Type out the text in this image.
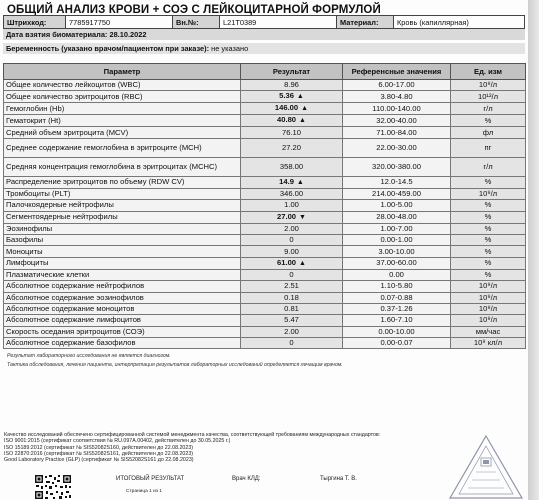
ОБЩИЙ АНАЛИЗ КРОВИ + СОЭ С ЛЕЙКОЦИТАРНОЙ ФОРМУЛОЙ
Штрихкод:	7785917750	Вн.№:	L21T0389	Материал:	Кровь (капиллярная)
Дата взятия биоматериала: 28.10.2022
Беременность (указано врачом/пациентом при заказе): не указано
Параметр	Результат	Референсные значения	Ед. изм
Общее количество лейкоцитов (WBC)	8.96	6.00-17.00	10⁹/л
Общее количество эритроцитов (RBC)	5.36 ▲	3.80-4.80	10¹²/л
Гемоглобин (Hb)	146.00 ▲	110.00-140.00	г/л
Гематокрит (Ht)	40.80 ▲	32.00-40.00	%
Средний объем эритроцита (MCV)	76.10	71.00-84.00	фл
Среднее содержание гемоглобина в эритроците (MCH)	27.20	22.00-30.00	пг
Средняя концентрация гемоглобина в эритроцитах (MCHC)	358.00	320.00-380.00	г/л
Распределение эритроцитов по объему (RDW CV)	14.9 ▲	12.0-14.5	%
Тромбоциты (PLT)	346.00	214.00-459.00	10⁹/л
Палочкоядерные нейтрофилы	1.00	1.00-5.00	%
Сегментоядерные нейтрофилы	27.00 ▼	28.00-48.00	%
Эозинофилы	2.00	1.00-7.00	%
Базофилы	0	0.00-1.00	%
Моноциты	9.00	3.00-10.00	%
Лимфоциты	61.00 ▲	37.00-60.00	%
Плазматические клетки	0	0.00	%
Абсолютное содержание нейтрофилов	2.51	1.10-5.80	10⁹/л
Абсолютное содержание эозинофилов	0.18	0.07-0.88	10⁹/л
Абсолютное содержание моноцитов	0.81	0.37-1.26	10⁹/л
Абсолютное содержание лимфоцитов	5.47	1.60-7.10	10⁹/л
Скорость оседания эритроцитов (СОЭ)	2.00	0.00-10.00	мм/час
Абсолютное содержание базофилов	0	0.00-0.07	10⁹ кл/л
Результат лабораторного исследования не является диагнозом.
Тактика обследования, лечения пациента, интерпретация результатов лабораторных исследований определяется лечащим врачом.
Качество исследований обеспечено сертифицированной системой менеджмента качества, соответствующей требованиям международных стандартов:
ISO 9001:2015 (сертификат соответствия № RU.097А.00402, действителен до 30.05.2025 г.)
ISO 15189:2012 (сертификат № SIS52082S160, действителен до 22.08.2023)
ISO 22870:2016 (сертификат № SIS52082S161, действителен до 22.08.2023)
Good Laboratory Practice (GLP) (сертификат № SIS52082S161 до 22.08.2023)
ИТОГОВЫЙ РЕЗУЛЬТАТ
Страница 1 из 1
Врач КЛД:	Тыргина Т. В.
